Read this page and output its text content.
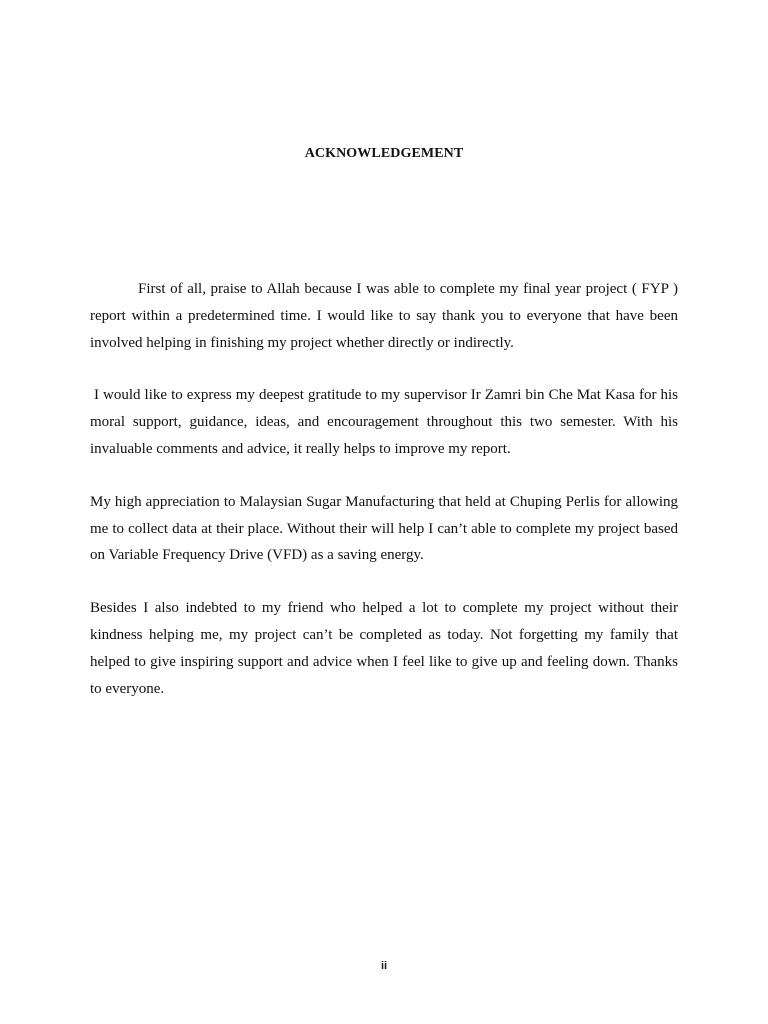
ACKNOWLEDGEMENT

First of all, praise to Allah because I was able to complete my final year project ( FYP ) report within a predetermined time. I would like to say thank you to everyone that have been involved helping in finishing my project whether directly or indirectly.

I would like to express my deepest gratitude to my supervisor Ir Zamri bin Che Mat Kasa for his moral support, guidance, ideas, and encouragement throughout this two semester. With his invaluable comments and advice, it really helps to improve my report.

My high appreciation to Malaysian Sugar Manufacturing that held at Chuping Perlis for allowing me to collect data at their place. Without their will help I can’t able to complete my project based on Variable Frequency Drive (VFD) as a saving energy.

Besides I also indebted to my friend who helped a lot to complete my project without their kindness helping me, my project can’t be completed as today. Not forgetting my family that helped to give inspiring support and advice when I feel like to give up and feeling down. Thanks to everyone.

ii
